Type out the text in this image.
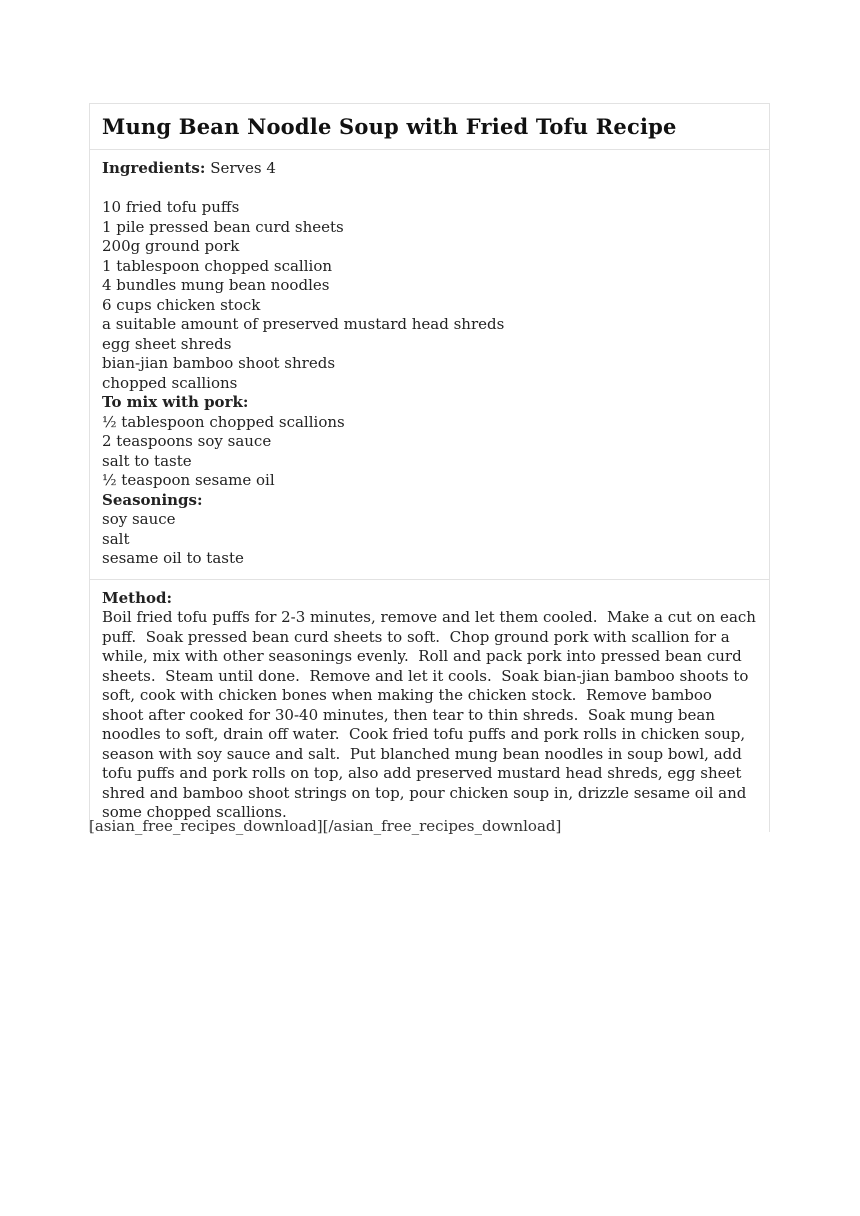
Mung Bean Noodle Soup with Fried Tofu Recipe
Ingredients: Serves 4
10 fried tofu puffs
1 pile pressed bean curd sheets
200g ground pork
1 tablespoon chopped scallion
4 bundles mung bean noodles
6 cups chicken stock
a suitable amount of preserved mustard head shreds
egg sheet shreds
bian-jian bamboo shoot shreds
chopped scallions
To mix with pork:
½ tablespoon chopped scallions
2 teaspoons soy sauce
salt to taste
½ teaspoon sesame oil
Seasonings:
soy sauce
salt
sesame oil to taste
Method:
Boil fried tofu puffs for 2-3 minutes, remove and let them cooled.  Make a cut on each puff.  Soak pressed bean curd sheets to soft.  Chop ground pork with scallion for a while, mix with other seasonings evenly.  Roll and pack pork into pressed bean curd sheets.  Steam until done.  Remove and let it cools.  Soak bian-jian bamboo shoots to soft, cook with chicken bones when making the chicken stock.  Remove bamboo shoot after cooked for 30-40 minutes, then tear to thin shreds.  Soak mung bean noodles to soft, drain off water.  Cook fried tofu puffs and pork rolls in chicken soup, season with soy sauce and salt.  Put blanched mung bean noodles in soup bowl, add tofu puffs and pork rolls on top, also add preserved mustard head shreds, egg sheet shred and bamboo shoot strings on top, pour chicken soup in, drizzle sesame oil and some chopped scallions.
[asian_free_recipes_download][/asian_free_recipes_download]
